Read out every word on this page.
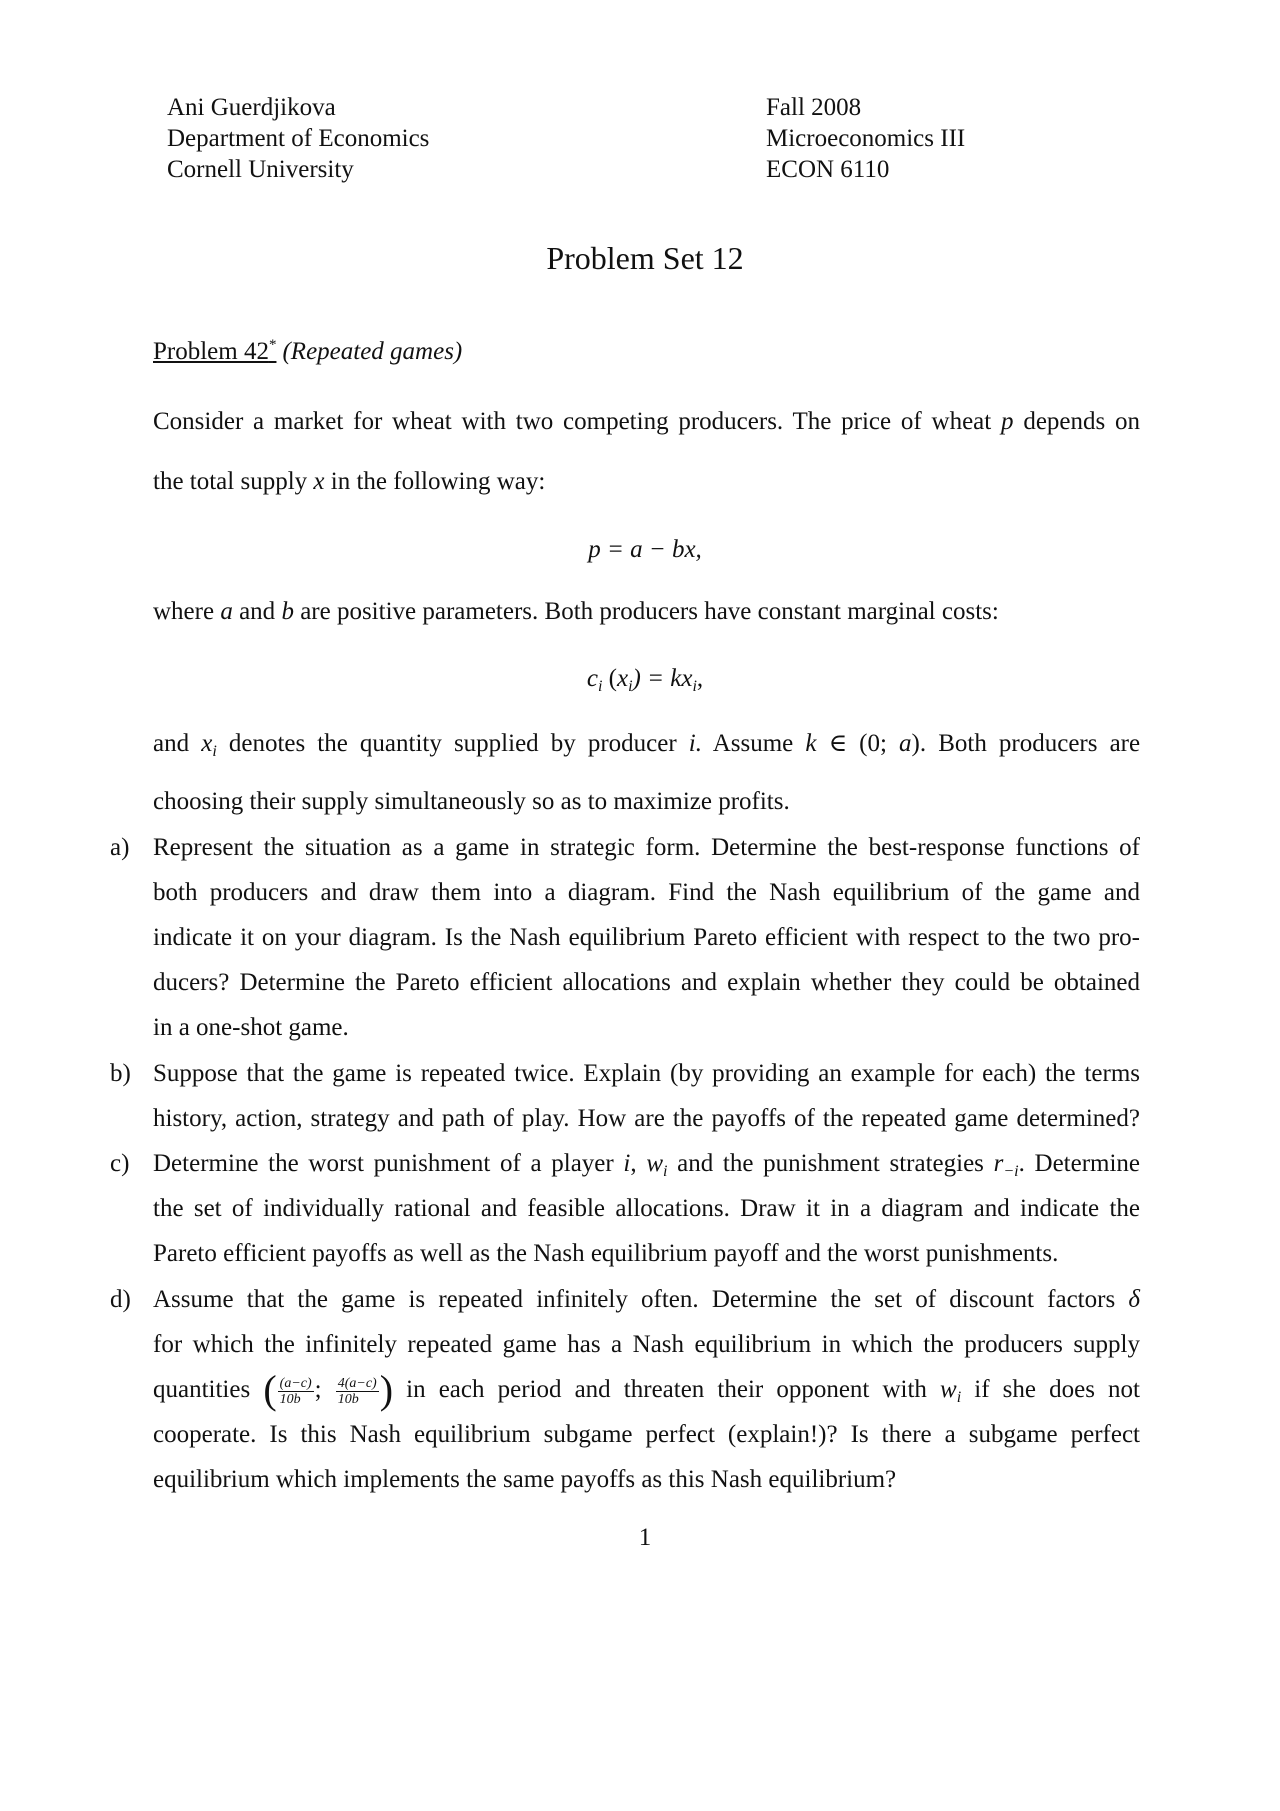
Ani Guerdjikova
Department of Economics
Cornell University
Fall 2008
Microeconomics III
ECON 6110
Problem Set 12
Problem 42* (Repeated games)
Consider a market for wheat with two competing producers. The price of wheat p depends on
the total supply x in the following way:
p = a − bx,
where a and b are positive parameters. Both producers have constant marginal costs:
$c_i$ $(x_i) = kx_i$,
and $x_i$ denotes the quantity supplied by producer i. Assume k ∈ (0; a). Both producers are
choosing their supply simultaneously so as to maximize profits.
a) Represent the situation as a game in strategic form. Determine the best-response functions of
both producers and draw them into a diagram. Find the Nash equilibrium of the game and
indicate it on your diagram. Is the Nash equilibrium Pareto efficient with respect to the two pro-
ducers? Determine the Pareto efficient allocations and explain whether they could be obtained
in a one-shot game.
b) Suppose that the game is repeated twice. Explain (by providing an example for each) the terms
history, action, strategy and path of play. How are the payoffs of the repeated game determined?
c) Determine the worst punishment of a player i, $w_i$ and the punishment strategies $r_{-i}$. Determine
the set of individually rational and feasible allocations. Draw it in a diagram and indicate the
Pareto efficient payoffs as well as the Nash equilibrium payoff and the worst punishments.
d) Assume that the game is repeated infinitely often. Determine the set of discount factors δ
for which the infinitely repeated game has a Nash equilibrium in which the producers supply
quantities ( $\frac{(a-c)}{10b}$ ; $\frac{4(a-c)}{10b}$ ) in each period and threaten their opponent with $w_i$ if she does not
cooperate. Is this Nash equilibrium subgame perfect (explain!)? Is there a subgame perfect
equilibrium which implements the same payoffs as this Nash equilibrium?
1
